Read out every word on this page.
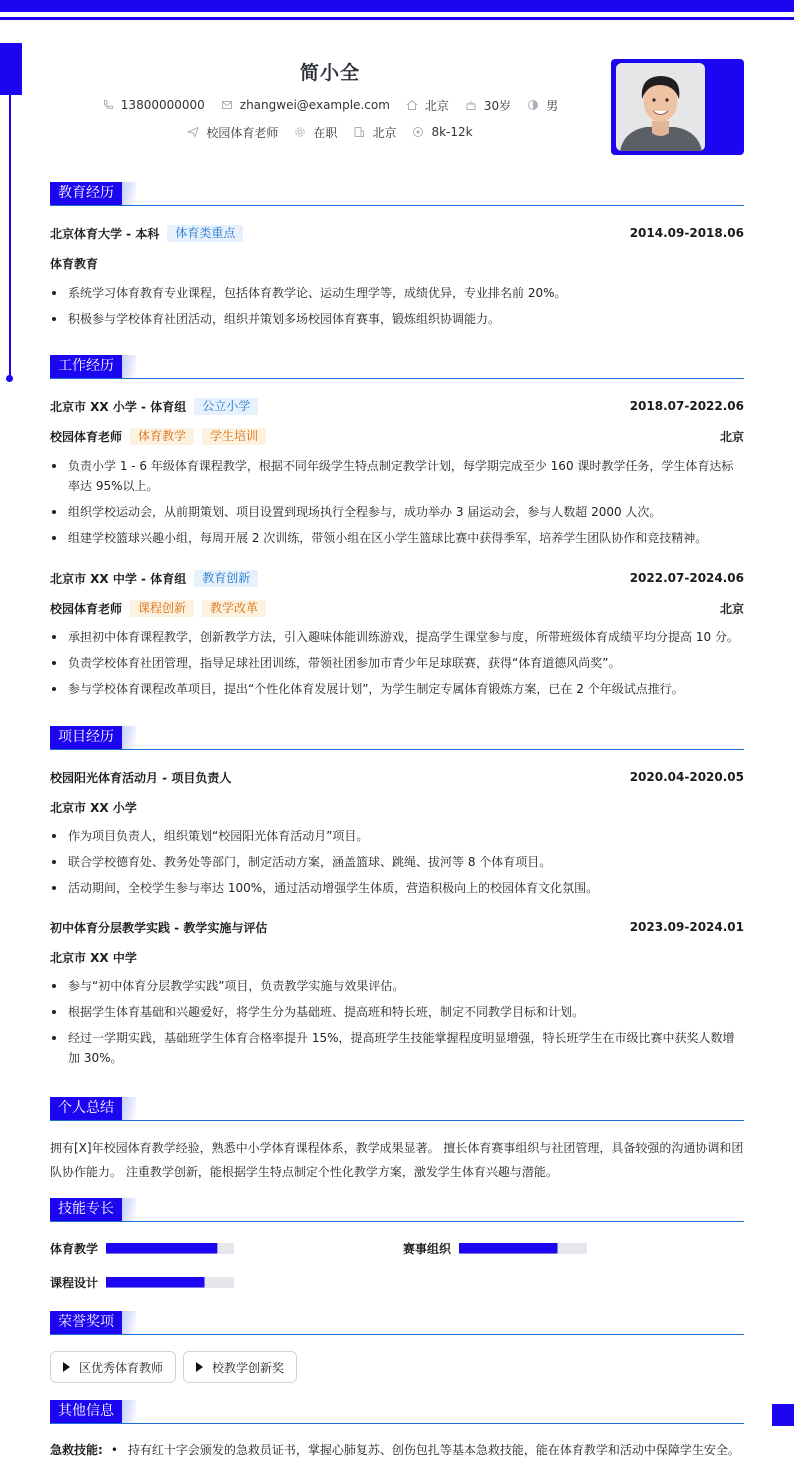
简小全
13800000000	zhangwei@example.com	北京	30岁	男
校园体育老师	在职	北京	8k-12k
教育经历
北京体育大学 - 本科	体育类重点	2014.09-2018.06
体育教育
系统学习体育教育专业课程，包括体育教学论、运动生理学等，成绩优异，专业排名前 20%。
积极参与学校体育社团活动，组织并策划多场校园体育赛事，锻炼组织协调能力。
工作经历
北京市 XX 小学 - 体育组	公立小学	2018.07-2022.06
校园体育老师	体育教学	学生培训	北京
负责小学 1 - 6 年级体育课程教学，根据不同年级学生特点制定教学计划，每学期完成至少 160 课时教学任务，学生体育达标率达 95%以上。
组织学校运动会，从前期策划、项目设置到现场执行全程参与，成功举办 3 届运动会，参与人数超 2000 人次。
组建学校篮球兴趣小组，每周开展 2 次训练，带领小组在区小学生篮球比赛中获得季军，培养学生团队协作和竞技精神。
北京市 XX 中学 - 体育组	教育创新	2022.07-2024.06
校园体育老师	课程创新	教学改革	北京
承担初中体育课程教学，创新教学方法，引入趣味体能训练游戏，提高学生课堂参与度，所带班级体育成绩平均分提高 10 分。
负责学校体育社团管理，指导足球社团训练，带领社团参加市青少年足球联赛，获得“体育道德风尚奖”。
参与学校体育课程改革项目，提出“个性化体育发展计划”，为学生制定专属体育锻炼方案，已在 2 个年级试点推行。
项目经历
校园阳光体育活动月 - 项目负责人	2020.04-2020.05
北京市 XX 小学
作为项目负责人，组织策划“校园阳光体育活动月”项目。
联合学校德育处、教务处等部门，制定活动方案，涵盖篮球、跳绳、拔河等 8 个体育项目。
活动期间，全校学生参与率达 100%，通过活动增强学生体质，营造积极向上的校园体育文化氛围。
初中体育分层教学实践 - 教学实施与评估	2023.09-2024.01
北京市 XX 中学
参与“初中体育分层教学实践”项目，负责教学实施与效果评估。
根据学生体育基础和兴趣爱好，将学生分为基础班、提高班和特长班，制定不同教学目标和计划。
经过一学期实践，基础班学生体育合格率提升 15%，提高班学生技能掌握程度明显增强，特长班学生在市级比赛中获奖人数增加 30%。
个人总结
拥有[X]年校园体育教学经验，熟悉中小学体育课程体系，教学成果显著。 擅长体育赛事组织与社团管理，具备较强的沟通协调和团队协作能力。 注重教学创新，能根据学生特点制定个性化教学方案，激发学生体育兴趣与潜能。
技能专长
体育教学	赛事组织
课程设计
荣誉奖项
区优秀体育教师	校教学创新奖
其他信息
急救技能: • 持有红十字会颁发的急救员证书，掌握心肺复苏、创伤包扎等基本急救技能，能在体育教学和活动中保障学生安全。
